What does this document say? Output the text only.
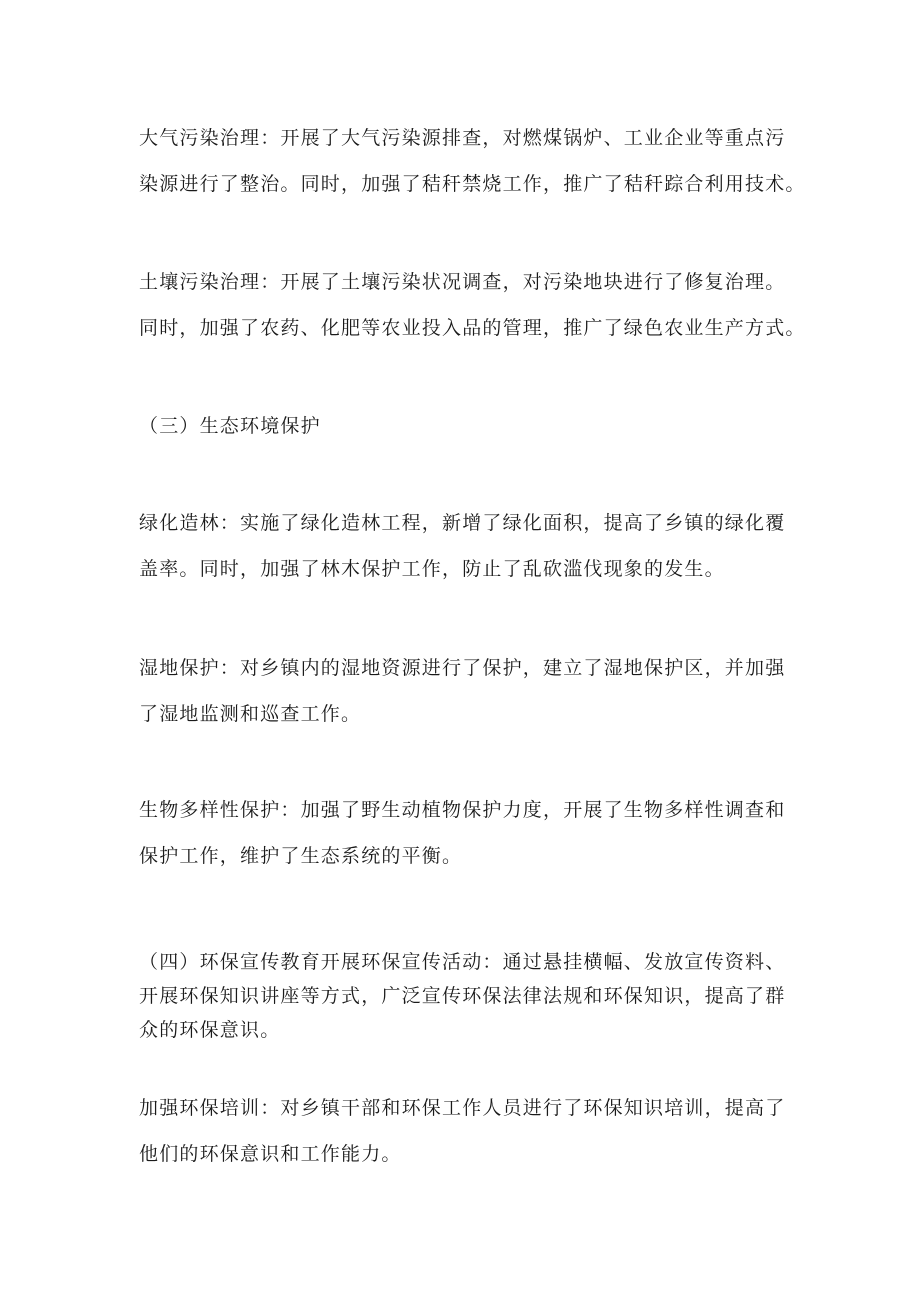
大气污染治理：开展了大气污染源排查，对燃煤锅炉、工业企业等重点污
染源进行了整治。同时，加强了秸秆禁烧工作，推广了秸秆踪合利用技术。

土壤污染治理：开展了土壤污染状况调查，对污染地块进行了修复治理。
同时，加强了农药、化肥等农业投入品的管理，推广了绿色农业生产方式。

（三）生态环境保护

绿化造林：实施了绿化造林工程，新增了绿化面积，提高了乡镇的绿化覆
盖率。同时，加强了林木保护工作，防止了乱砍滥伐现象的发生。

湿地保护：对乡镇内的湿地资源进行了保护，建立了湿地保护区，并加强
了湿地监测和巡查工作。

生物多样性保护：加强了野生动植物保护力度，开展了生物多样性调查和
保护工作，维护了生态系统的平衡。

（四）环保宣传教育开展环保宣传活动：通过悬挂横幅、发放宣传资料、
开展环保知识讲座等方式，广泛宣传环保法律法规和环保知识，提高了群
众的环保意识。

加强环保培训：对乡镇干部和环保工作人员进行了环保知识培训，提高了
他们的环保意识和工作能力。
